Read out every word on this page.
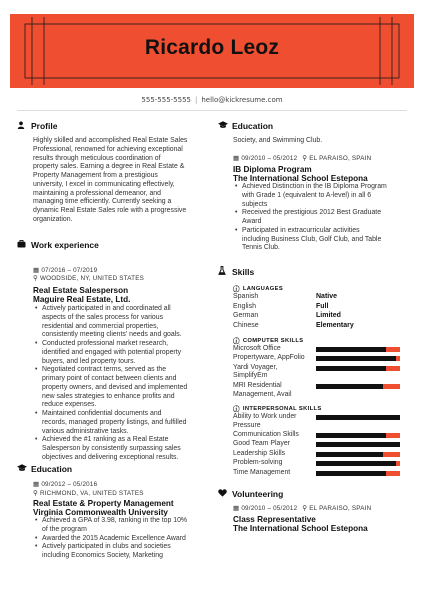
Ricardo Leoz
555-555-5555 | hello@kickresume.com
Profile
Highly skilled and accomplished Real Estate Sales
Professional, renowned for achieving exceptional
results through meticulous coordination of
property sales. Earning a degree in Real Estate &
Property Management from a prestigious
university, I excel in communicating effectively,
maintaining a professional demeanor, and
managing time efficiently. Currently seeking a
dynamic Real Estate Sales role with a progressive
organization.
Work experience
▦ 07/2016 – 07/2019
⚲ WOODSIDE, NY, UNITED STATES
Real Estate Salesperson
Maguire Real Estate, Ltd.
• Actively participated in and coordinated all
aspects of the sales process for various
residential and commercial properties,
consistently meeting clients' needs and goals.
• Conducted professional market research,
identified and engaged with potential property
buyers, and led property tours.
• Negotiated contract terms, served as the
primary point of contact between clients and
property owners, and devised and implemented
new sales strategies to enhance profits and
reduce expenses.
• Maintained confidential documents and
records, managed property listings, and fulfilled
various administrative tasks.
• Achieved the #1 ranking as a Real Estate
Salesperson by consistently surpassing sales
objectives and delivering exceptional results.
Education
▦ 09/2012 – 05/2016
⚲ RICHMOND, VA, UNITED STATES
Real Estate & Property Management
Virginia Commonwealth University
• Achieved a GPA of 3.98, ranking in the top 10%
of the program
• Awarded the 2015 Academic Excellence Award
• Actively participated in clubs and societies
including Economics Society, Marketing
Education
Society, and Swimming Club.
▦ 09/2010 – 05/2012 ⚲ EL PARAISO, SPAIN
IB Diploma Program
The International School Estepona
• Achieved Distinction in the IB Diploma Program
with Grade 1 (equivalent to A-level) in all 6
subjects
• Received the prestigious 2012 Best Graduate
Award
• Participated in extracurricular activities
including Business Club, Golf Club, and Table
Tennis Club.
Skills
ⓘ LANGUAGES
Spanish	Native
English	Full
German	Limited
Chinese	Elementary
ⓘ COMPUTER SKILLS
Microsoft Office
Propertyware, AppFolio
Yardi Voyager,
SimplifyEm
MRI Residential
Management, Avail
ⓘ INTERPERSONAL SKILLS
Ability to Work under
Pressure
Communication Skills
Good Team Player
Leadership Skills
Problem-solving
Time Management
Volunteering
▦ 09/2010 – 05/2012 ⚲ EL PARAISO, SPAIN
Class Representative
The International School Estepona
